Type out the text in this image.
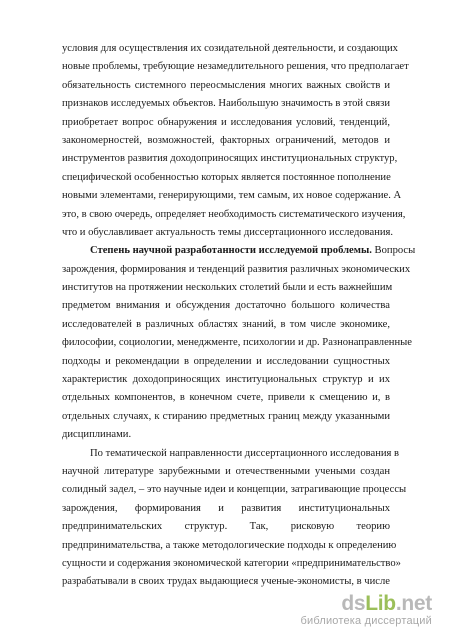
условия для осуществления их созидательной деятельности, и создающих
новые проблемы, требующие незамедлительного решения, что предполагает
обязательность системного переосмысления многих важных свойств и
признаков исследуемых объектов. Наибольшую значимость в этой связи
приобретает вопрос обнаружения и исследования условий, тенденций,
закономерностей, возможностей, факторных ограничений, методов и
инструментов развития доходоприносящих институциональных структур,
специфической особенностью которых является постоянное пополнение
новыми элементами, генерирующими, тем самым, их новое содержание. А
это, в свою очередь, определяет необходимость систематического изучения,
что и обуславливает актуальность темы диссертационного исследования.
Степень научной разработанности исследуемой проблемы. Вопросы
зарождения, формирования и тенденций развития различных экономических
институтов на протяжении нескольких столетий были и есть важнейшим
предметом внимания и обсуждения достаточно большого количества
исследователей в различных областях знаний, в том числе экономике,
философии, социологии, менеджменте, психологии и др. Разнонаправленные
подходы и рекомендации в определении и исследовании сущностных
характеристик доходоприносящих институциональных структур и их
отдельных компонентов, в конечном счете, привели к смещению и, в
отдельных случаях, к стиранию предметных границ между указанными
дисциплинами.
По тематической направленности диссертационного исследования в
научной литературе зарубежными и отечественными учеными создан
солидный задел, – это научные идеи и концепции, затрагивающие процессы
зарождения, формирования и развития институциональных
предпринимательских структур. Так, рисковую теорию
предпринимательства, а также методологические подходы к определению
сущности и содержания экономической категории «предпринимательство»
разрабатывали в своих трудах выдающиеся ученые-экономисты, в числе
dsLib.net
библиотека диссертаций
